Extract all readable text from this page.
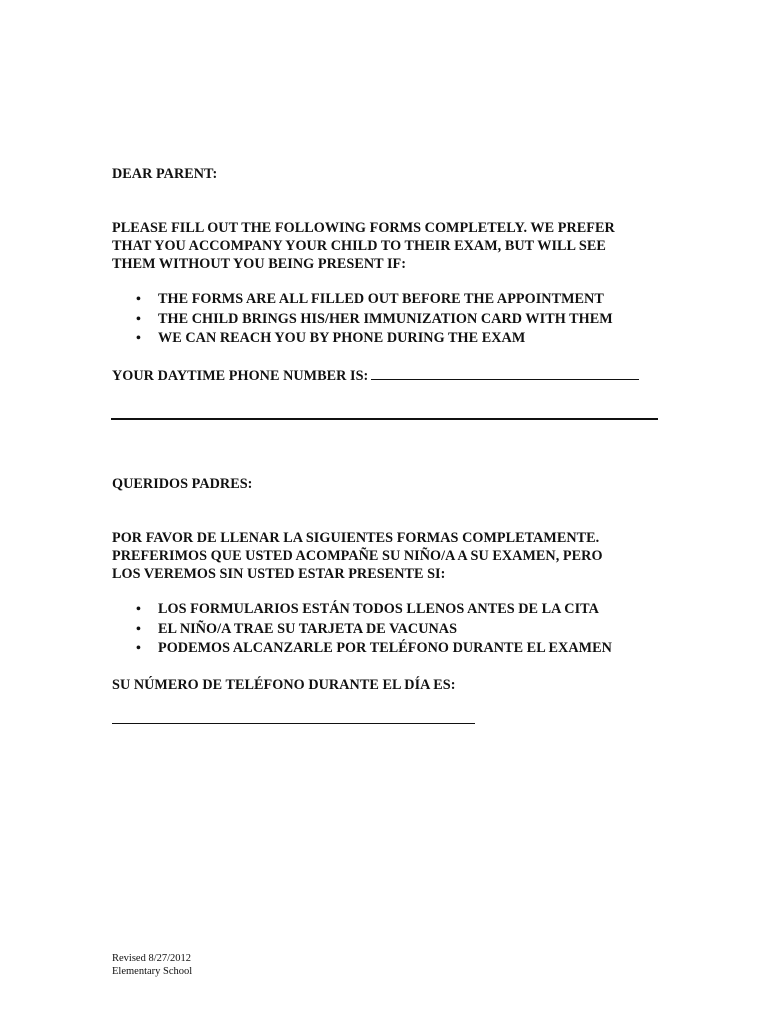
DEAR PARENT:

PLEASE FILL OUT THE FOLLOWING FORMS COMPLETELY. WE PREFER
THAT YOU ACCOMPANY YOUR CHILD TO THEIR EXAM, BUT WILL SEE
THEM WITHOUT YOU BEING PRESENT IF:
• THE FORMS ARE ALL FILLED OUT BEFORE THE APPOINTMENT
• THE CHILD BRINGS HIS/HER IMMUNIZATION CARD WITH THEM
• WE CAN REACH YOU BY PHONE DURING THE EXAM

YOUR DAYTIME PHONE NUMBER IS:

QUERIDOS PADRES:

POR FAVOR DE LLENAR LA SIGUIENTES FORMAS COMPLETAMENTE.
PREFERIMOS QUE USTED ACOMPAÑE SU NIÑO/A A SU EXAMEN, PERO
LOS VEREMOS SIN USTED ESTAR PRESENTE SI:
• LOS FORMULARIOS ESTÁN TODOS LLENOS ANTES DE LA CITA
• EL NIÑO/A TRAE SU TARJETA DE VACUNAS
• PODEMOS ALCANZARLE POR TELÉFONO DURANTE EL EXAMEN

SU NÚMERO DE TELÉFONO DURANTE EL DÍA ES:

Revised 8/27/2012
Elementary School
